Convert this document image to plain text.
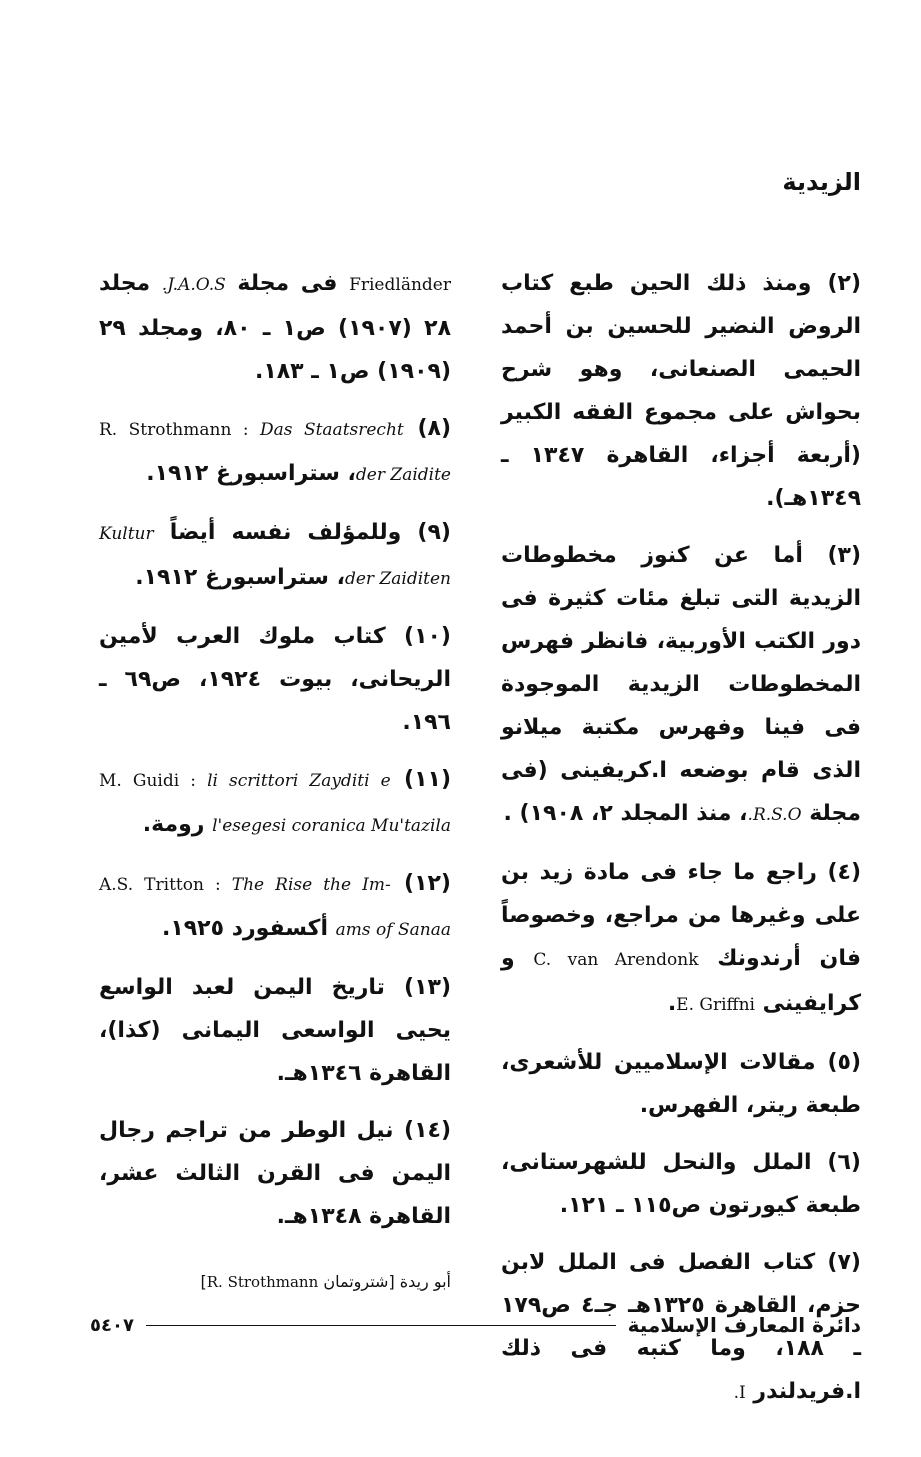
الزيدية

(٢) ومنذ ذلك الحين طبع كتاب الروض النضير للحسين بن أحمد الحيمى الصنعانى، وهو شرح بحواش على مجموع الفقه الكبير (أربعة أجزاء، القاهرة ١٣٤٧ ـ ١٣٤٩هـ).

(٣) أما عن كنوز مخطوطات الزيدية التى تبلغ مئات كثيرة فى دور الكتب الأوربية، فانظر فهرس المخطوطات الزيدية الموجودة فى فينا وفهرس مكتبة ميلانو الذى قام بوضعه ا.كريفينى (فى مجلة R.S.O.، منذ المجلد ٢، ١٩٠٨) .

(٤) راجع ما جاء فى مادة زيد بن على وغيرها من مراجع، وخصوصاً فان أرندونك C. van Arendonk و كرايفينى E. Griffni.

(٥) مقالات الإسلاميين للأشعرى، طبعة ريتر، الفهرس.

(٦) الملل والنحل للشهرستانى، طبعة كيورتون ص١١٥ ـ ١٢١.

(٧) كتاب الفصل فى الملل لابن حزم، القاهرة ١٣٢٥هـ جـ٤ ص١٧٩ ـ ١٨٨، وما كتبه فى ذلك ا.فريدلندر I.

Friedländer فى مجلة J.A.O.S. مجلد ٢٨ (١٩٠٧) ص١ ـ ٨٠، ومجلد ٢٩ (١٩٠٩) ص١ ـ ١٨٣.

(٨) R. Strothmann : Das Staatsrecht der Zaidite، ستراسبورغ ١٩١٢.

(٩) وللمؤلف نفسه أيضاً Kultur der Zaiditen، ستراسبورغ ١٩١٢.

(١٠) كتاب ملوك العرب لأمين الريحانى، بيوت ١٩٢٤، ص٦٩ ـ ١٩٦.

(١١) M. Guidi : li scrittori Zayditi e l'esegesi coranica Mu'tazila رومة.

(١٢) A.S. Tritton : The Rise the Im- ams of Sanaa أكسفورد ١٩٢٥.

(١٣) تاريخ اليمن لعبد الواسع يحيى الواسعى اليمانى (كذا)، القاهرة ١٣٤٦هـ.

(١٤) نيل الوطر من تراجم رجال اليمن فى القرن الثالث عشر، القاهرة ١٣٤٨هـ.

أبو ريدة [شتروتمان R. Strothmann]
٥٤٠٧	دائرة المعارف الإسلامية
